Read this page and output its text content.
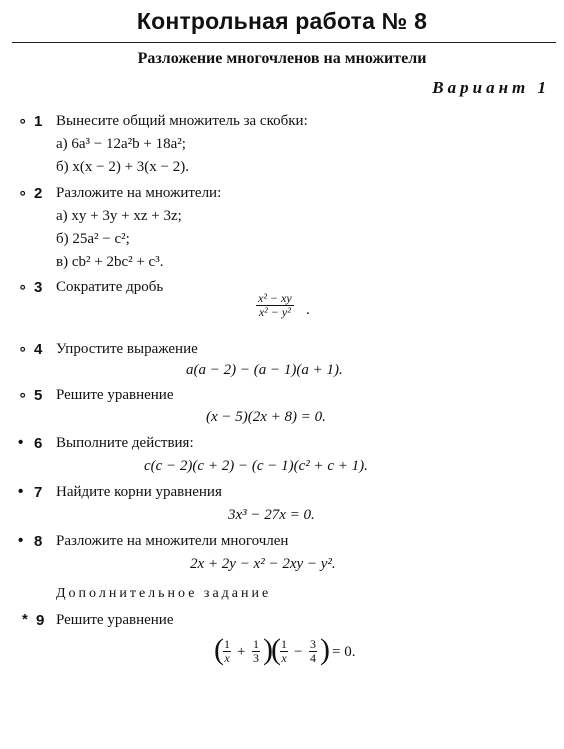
Контрольная работа № 8
Разложение многочленов на множители
Вариант 1
∘ 1 Вынесите общий множитель за скобки:
а) 6a³ − 12a²b + 18a²;
б) x(x − 2) + 3(x − 2).
∘ 2 Разложите на множители:
а) xy + 3y + xz + 3z;
б) 25a² − c²;
в) cb² + 2bc² + c³.
∘ 3 Сократите дробь
$\frac{\text{x² − xy}}{\text{x² − y²}}$ .
∘ 4 Упростите выражение
a(a − 2) − (a − 1)(a + 1).
∘ 5 Решите уравнение
(x − 5)(2x + 8) = 0.
• 6 Выполните действия:
c(c − 2)(c + 2) − (c − 1)(c² + c + 1).
• 7 Найдите корни уравнения
3x³ − 27x = 0.
• 8 Разложите на множители многочлен
2x + 2y − x² − 2xy − y².
Дополнительное задание
* 9 Решите уравнение
( 1
x + 1
3 )
( 1
x − 3
4 ) = 0.
